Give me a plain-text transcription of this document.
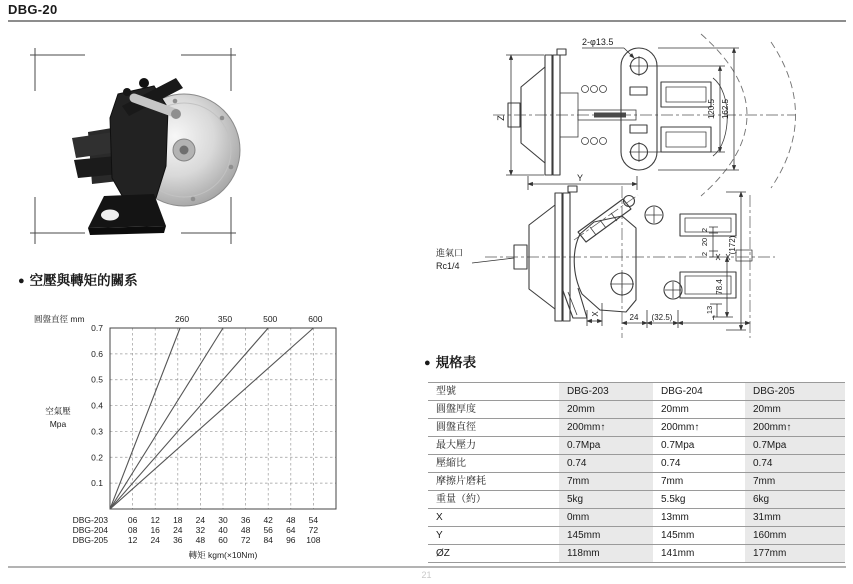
DBG-20
2-φ13.5
Z	120.5 162.5
Y
進氣口
Rc1/4
2
20
2
78.4
13
(172)
X	24 (32.5)	r
● 空壓與轉矩的關系
0.7
0.6
0.5
0.4
0.3
0.2
0.1
260	350	500	600
圓盤直徑 mm
空氣壓
Mpa
DBG-203 06 12 18 24 30 36 42 48 54
DBG-204 08 16 24 32 40 48 56 64 72
DBG-205 12 24 36 48 60 72 84 96 108
轉矩 kgm(×10Nm)
● 規格表
型號	DBG-203	DBG-204	DBG-205
圓盤厚度	20mm	20mm	20mm
圓盤直徑	200mm↑	200mm↑	200mm↑
最大壓力	0.7Mpa	0.7Mpa	0.7Mpa
壓縮比	0.74	0.74	0.74
摩擦片磨耗	7mm	7mm	7mm
重量（約）	5kg	5.5kg	6kg
X	0mm	13mm	31mm
Y	145mm	145mm	160mm
ØZ	118mm	141mm	177mm
21
